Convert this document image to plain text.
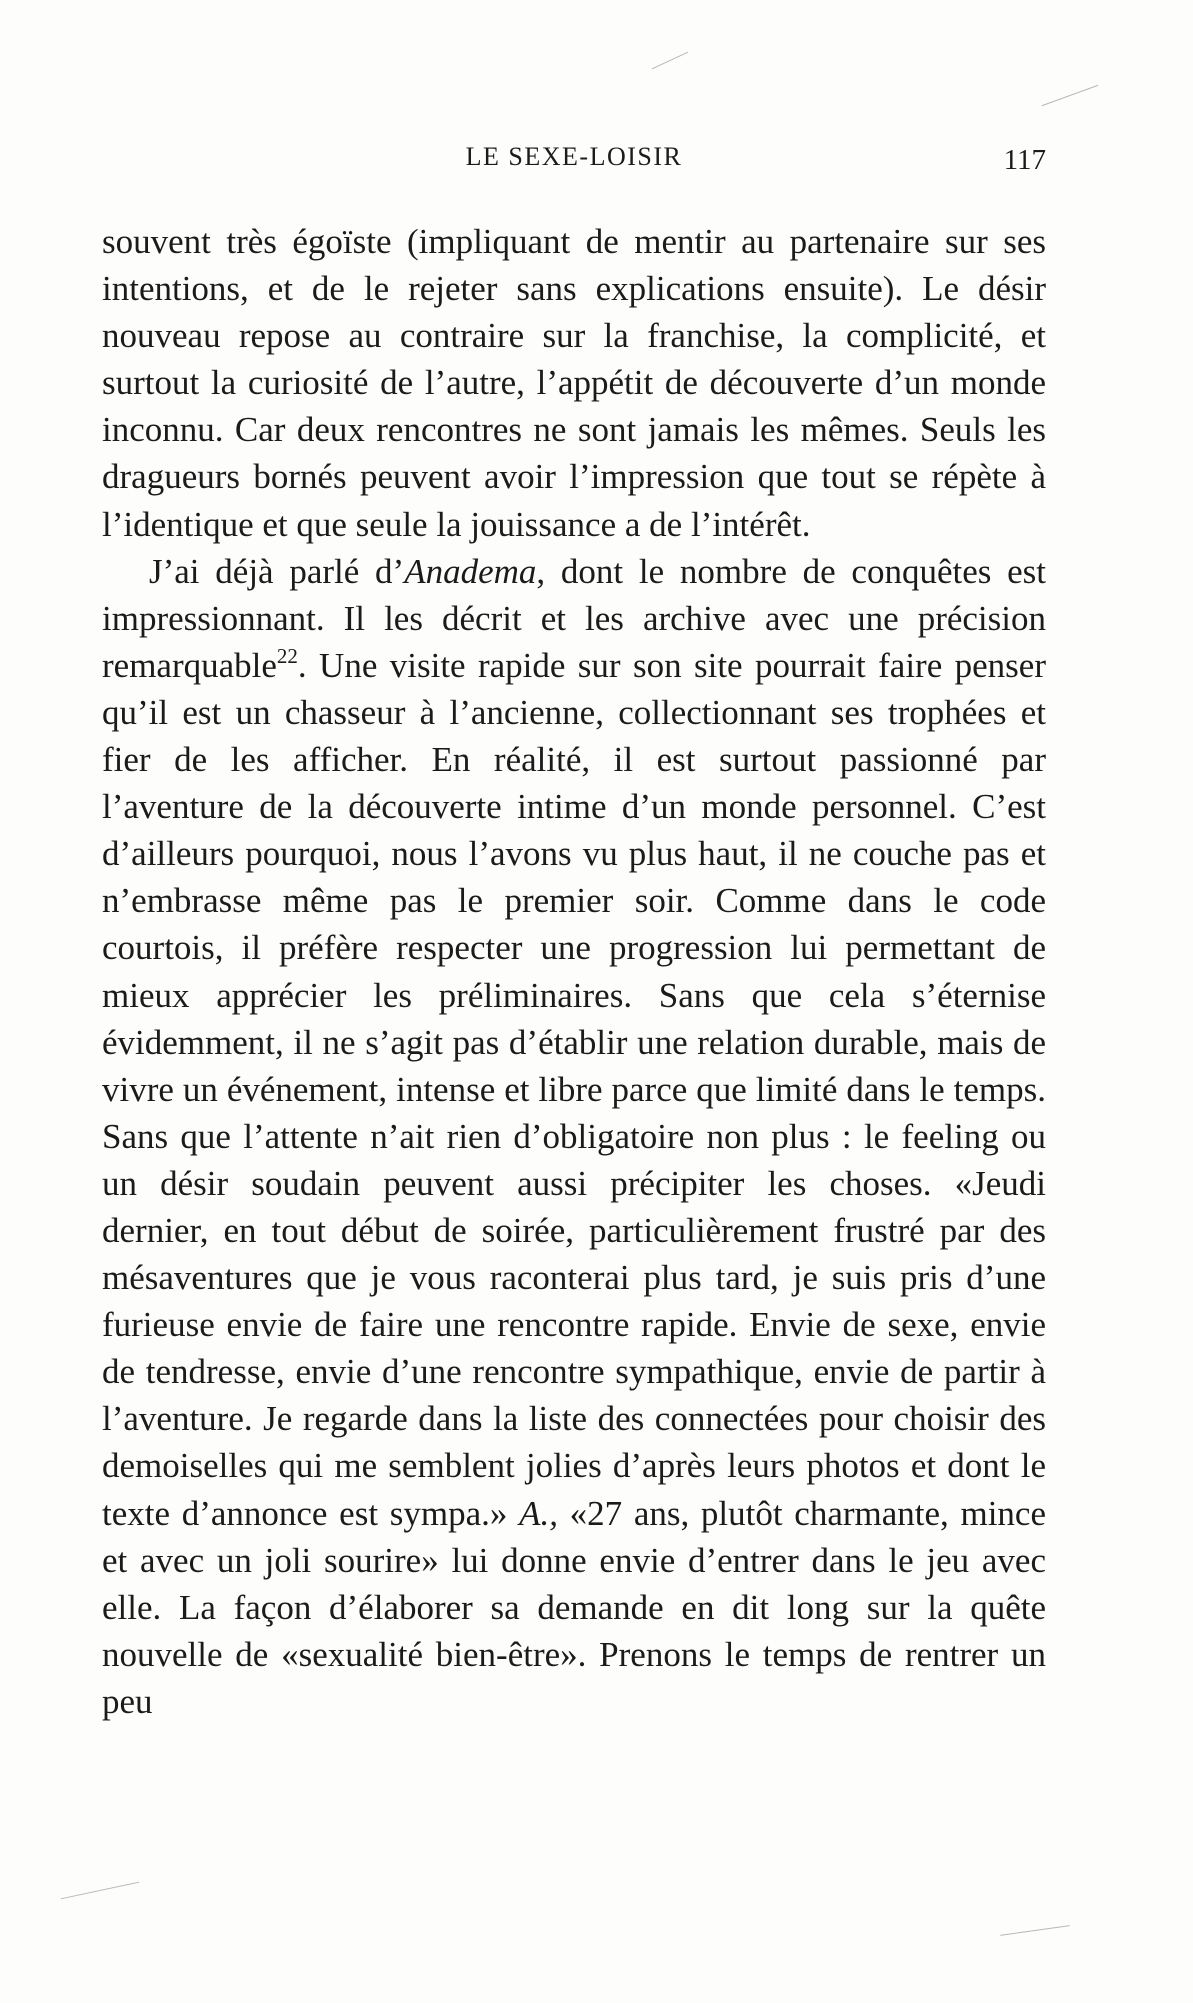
LE SEXE-LOISIR	117

souvent très égoïste (impliquant de mentir au partenaire sur ses intentions, et de le rejeter sans explications ensuite). Le désir nouveau repose au contraire sur la franchise, la complicité, et surtout la curiosité de l’autre, l’appétit de découverte d’un monde inconnu. Car deux rencontres ne sont jamais les mêmes. Seuls les dragueurs bornés peuvent avoir l’impression que tout se répète à l’identique et que seule la jouissance a de l’intérêt.

J’ai déjà parlé d’Anadema, dont le nombre de conquêtes est impressionnant. Il les décrit et les archive avec une précision remarquable$^{22}$. Une visite rapide sur son site pourrait faire penser qu’il est un chasseur à l’ancienne, collectionnant ses trophées et fier de les afficher. En réalité, il est surtout passionné par l’aventure de la découverte intime d’un monde personnel. C’est d’ailleurs pourquoi, nous l’avons vu plus haut, il ne couche pas et n’embrasse même pas le premier soir. Comme dans le code courtois, il préfère respecter une progression lui permettant de mieux apprécier les préliminaires. Sans que cela s’éternise évidemment, il ne s’agit pas d’établir une relation durable, mais de vivre un événement, intense et libre parce que limité dans le temps. Sans que l’attente n’ait rien d’obligatoire non plus : le feeling ou un désir soudain peuvent aussi précipiter les choses. «Jeudi dernier, en tout début de soirée, particulièrement frustré par des mésaventures que je vous raconterai plus tard, je suis pris d’une furieuse envie de faire une rencontre rapide. Envie de sexe, envie de tendresse, envie d’une rencontre sympathique, envie de partir à l’aventure. Je regarde dans la liste des connectées pour choisir des demoiselles qui me semblent jolies d’après leurs photos et dont le texte d’annonce est sympa.» A., «27 ans, plutôt charmante, mince et avec un joli sourire» lui donne envie d’entrer dans le jeu avec elle. La façon d’élaborer sa demande en dit long sur la quête nouvelle de «sexualité bien-être». Prenons le temps de rentrer un peu
